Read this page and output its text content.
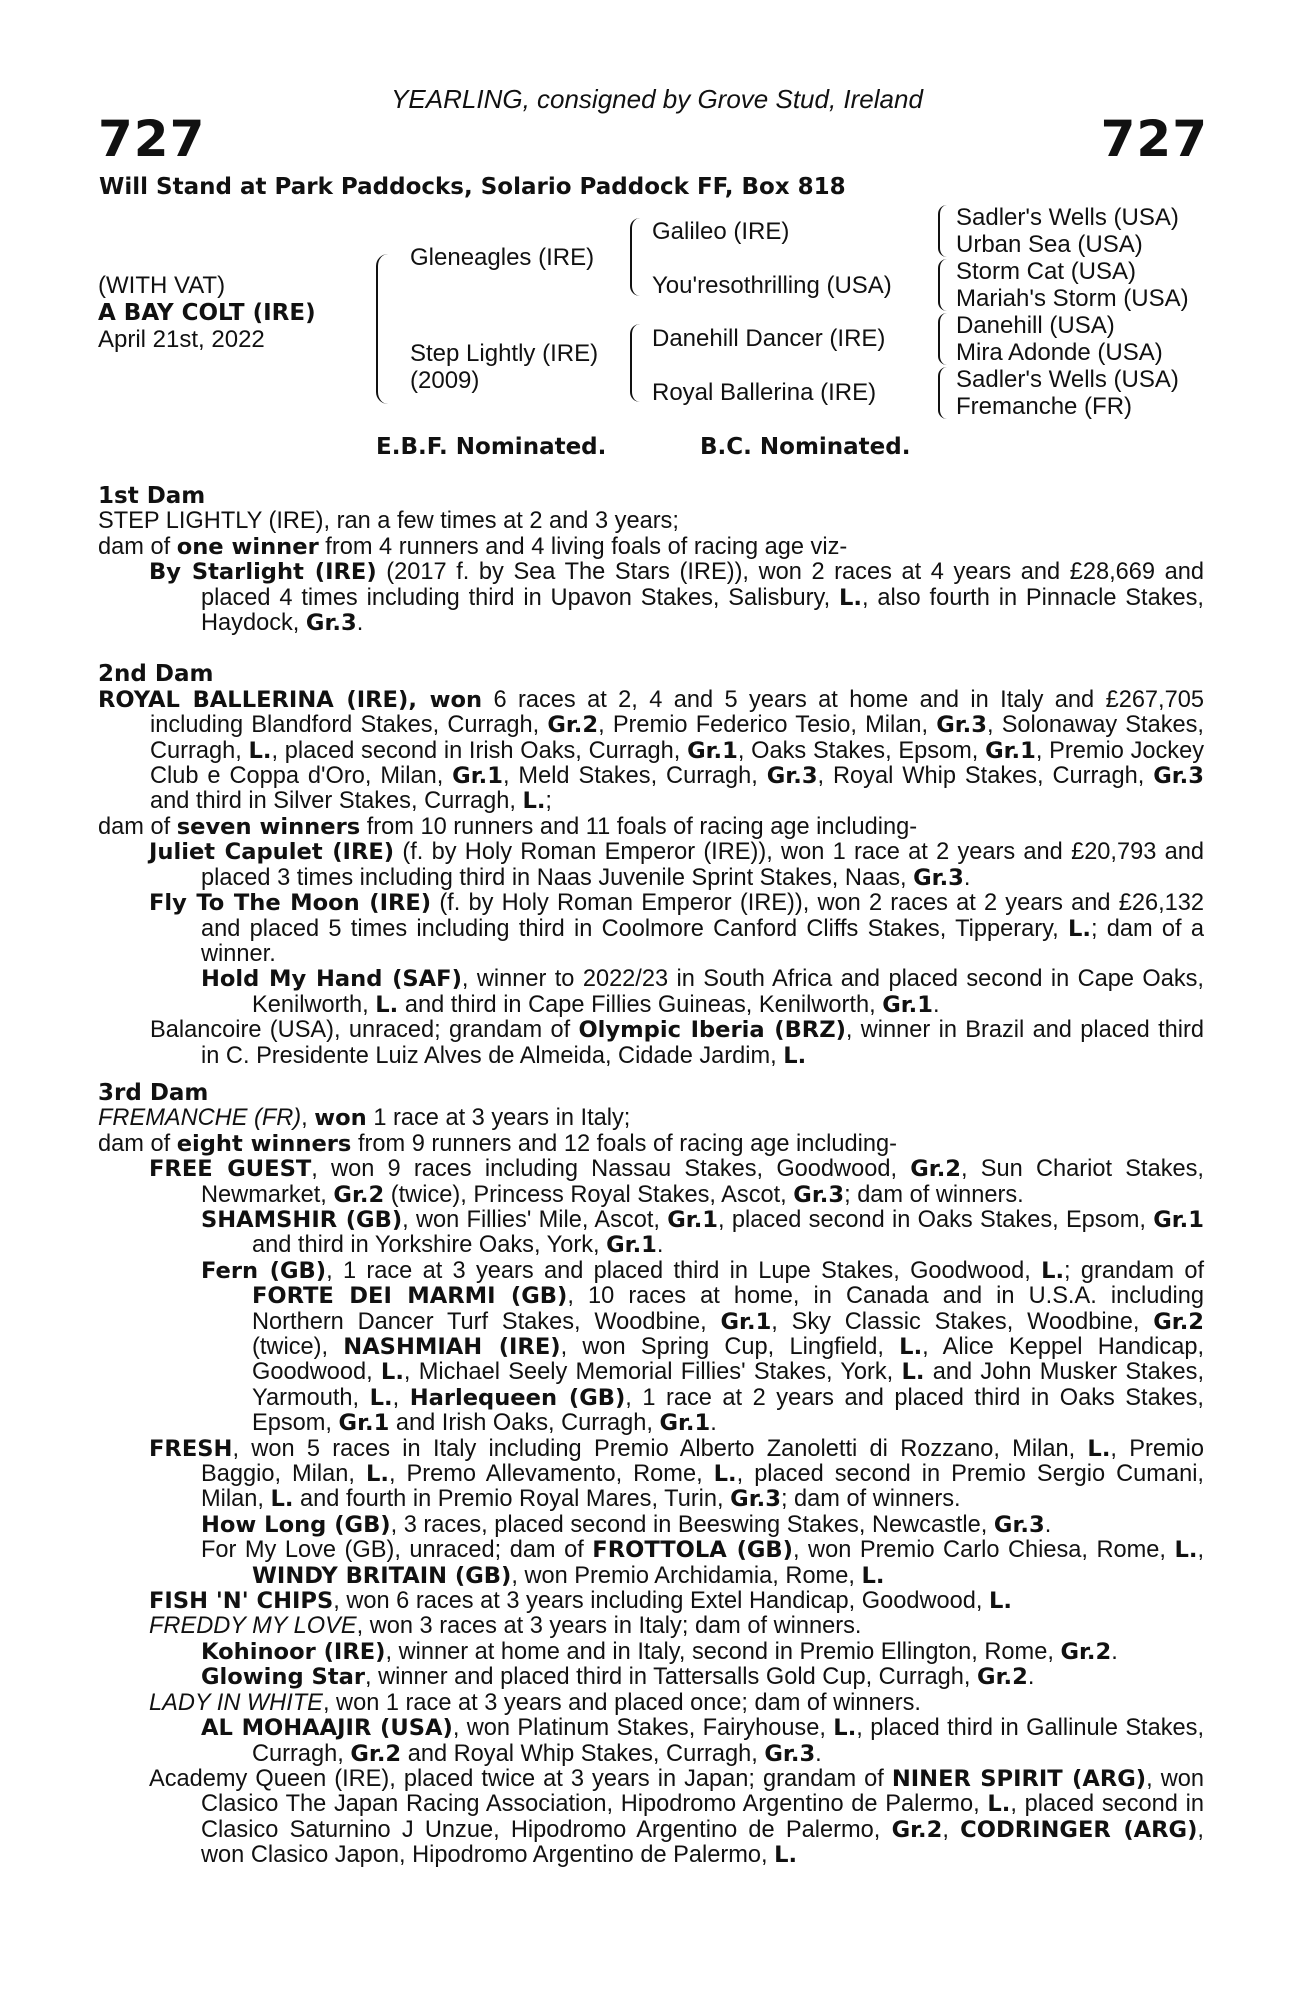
YEARLING, consigned by Grove Stud, Ireland
727	727
Will Stand at Park Paddocks, Solario Paddock FF, Box 818
(WITH VAT)
A BAY COLT (IRE)
April 21st, 2022
Gleneagles (IRE)
Step Lightly (IRE)
(2009)
Galileo (IRE)
You'resothrilling (USA)
Danehill Dancer (IRE)
Royal Ballerina (IRE)
Sadler's Wells (USA)
Urban Sea (USA)
Storm Cat (USA)
Mariah's Storm (USA)
Danehill (USA)
Mira Adonde (USA)
Sadler's Wells (USA)
Fremanche (FR)
E.B.F. Nominated.	B.C. Nominated.
1st Dam

STEP LIGHTLY (IRE), ran a few times at 2 and 3 years;

dam of one winner from 4 runners and 4 living foals of racing age viz-

By Starlight (IRE) (2017 f. by Sea The Stars (IRE)), won 2 races at 4 years and £28,669 and placed 4 times including third in Upavon Stakes, Salisbury, L., also fourth in Pinnacle Stakes, Haydock, Gr.3.

2nd Dam

ROYAL BALLERINA (IRE), won 6 races at 2, 4 and 5 years at home and in Italy and £267,705 including Blandford Stakes, Curragh, Gr.2, Premio Federico Tesio, Milan, Gr.3, Solonaway Stakes, Curragh, L., placed second in Irish Oaks, Curragh, Gr.1, Oaks Stakes, Epsom, Gr.1, Premio Jockey Club e Coppa d'Oro, Milan, Gr.1, Meld Stakes, Curragh, Gr.3, Royal Whip Stakes, Curragh, Gr.3 and third in Silver Stakes, Curragh, L.;

dam of seven winners from 10 runners and 11 foals of racing age including-

Juliet Capulet (IRE) (f. by Holy Roman Emperor (IRE)), won 1 race at 2 years and £20,793 and placed 3 times including third in Naas Juvenile Sprint Stakes, Naas, Gr.3.

Fly To The Moon (IRE) (f. by Holy Roman Emperor (IRE)), won 2 races at 2 years and £26,132 and placed 5 times including third in Coolmore Canford Cliffs Stakes, Tipperary, L.; dam of a winner.

Hold My Hand (SAF), winner to 2022/23 in South Africa and placed second in Cape Oaks, Kenilworth, L. and third in Cape Fillies Guineas, Kenilworth, Gr.1.

Balancoire (USA), unraced; grandam of Olympic Iberia (BRZ), winner in Brazil and placed third in C. Presidente Luiz Alves de Almeida, Cidade Jardim, L.

3rd Dam

FREMANCHE (FR), won 1 race at 3 years in Italy;

dam of eight winners from 9 runners and 12 foals of racing age including-

FREE GUEST, won 9 races including Nassau Stakes, Goodwood, Gr.2, Sun Chariot Stakes, Newmarket, Gr.2 (twice), Princess Royal Stakes, Ascot, Gr.3; dam of winners.

SHAMSHIR (GB), won Fillies' Mile, Ascot, Gr.1, placed second in Oaks Stakes, Epsom, Gr.1 and third in Yorkshire Oaks, York, Gr.1.

Fern (GB), 1 race at 3 years and placed third in Lupe Stakes, Goodwood, L.; grandam of FORTE DEI MARMI (GB), 10 races at home, in Canada and in U.S.A. including Northern Dancer Turf Stakes, Woodbine, Gr.1, Sky Classic Stakes, Woodbine, Gr.2 (twice), NASHMIAH (IRE), won Spring Cup, Lingfield, L., Alice Keppel Handicap, Goodwood, L., Michael Seely Memorial Fillies' Stakes, York, L. and John Musker Stakes, Yarmouth, L., Harlequeen (GB), 1 race at 2 years and placed third in Oaks Stakes, Epsom, Gr.1 and Irish Oaks, Curragh, Gr.1.

FRESH, won 5 races in Italy including Premio Alberto Zanoletti di Rozzano, Milan, L., Premio Baggio, Milan, L., Premo Allevamento, Rome, L., placed second in Premio Sergio Cumani, Milan, L. and fourth in Premio Royal Mares, Turin, Gr.3; dam of winners.

How Long (GB), 3 races, placed second in Beeswing Stakes, Newcastle, Gr.3.

For My Love (GB), unraced; dam of FROTTOLA (GB), won Premio Carlo Chiesa, Rome, L., WINDY BRITAIN (GB), won Premio Archidamia, Rome, L.

FISH 'N' CHIPS, won 6 races at 3 years including Extel Handicap, Goodwood, L.

FREDDY MY LOVE, won 3 races at 3 years in Italy; dam of winners.

Kohinoor (IRE), winner at home and in Italy, second in Premio Ellington, Rome, Gr.2.

Glowing Star, winner and placed third in Tattersalls Gold Cup, Curragh, Gr.2.

LADY IN WHITE, won 1 race at 3 years and placed once; dam of winners.

AL MOHAAJIR (USA), won Platinum Stakes, Fairyhouse, L., placed third in Gallinule Stakes, Curragh, Gr.2 and Royal Whip Stakes, Curragh, Gr.3.

Academy Queen (IRE), placed twice at 3 years in Japan; grandam of NINER SPIRIT (ARG), won Clasico The Japan Racing Association, Hipodromo Argentino de Palermo, L., placed second in Clasico Saturnino J Unzue, Hipodromo Argentino de Palermo, Gr.2, CODRINGER (ARG), won Clasico Japon, Hipodromo Argentino de Palermo, L.
